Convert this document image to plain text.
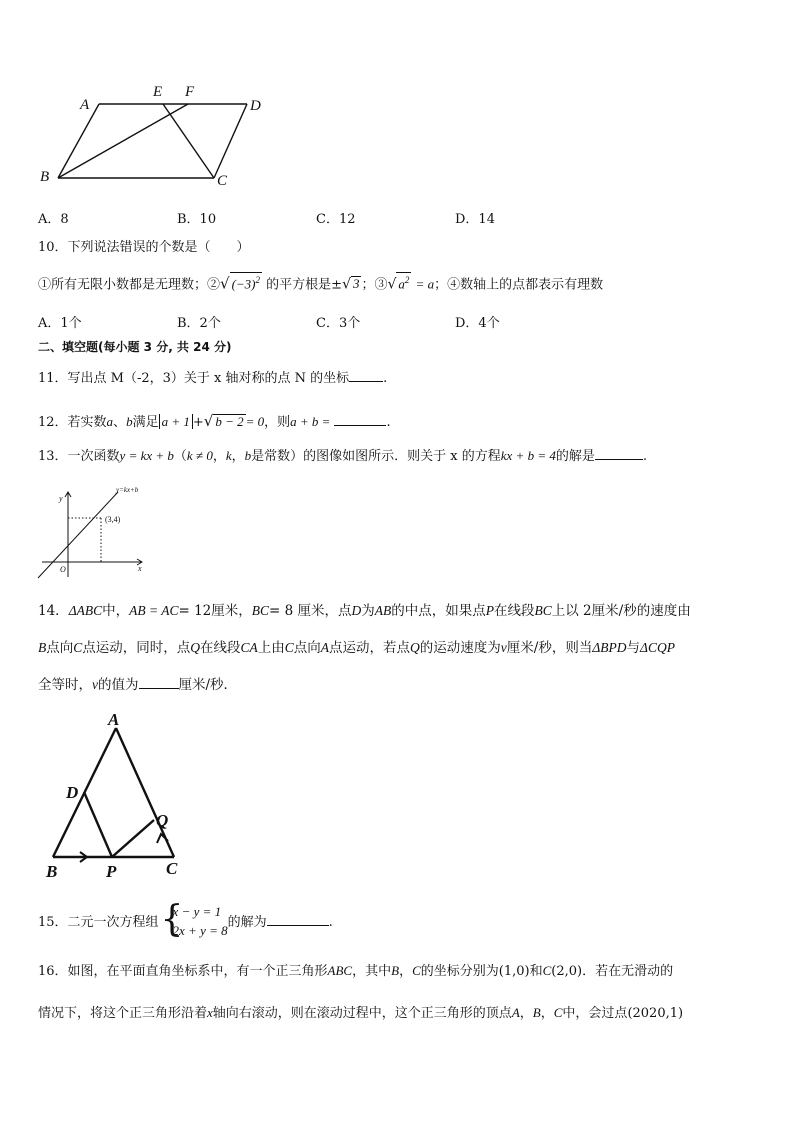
A
E F
D
B	C
A．8	B．10	C．12	D．14
10．下列说法错误的个数是（　　）
①所有无限小数都是无理数；②√ $(-3)^2$ 的平方根是±√ 3 ；③√ $a^2 = a$；④数轴上的点都表示有理数
A．1个	B．2个	C．3个	D．4个
二、填空题(每小题 3 分, 共 24 分)
11．写出点 M（-2，3）关于 x 轴对称的点 N 的坐标	.
12．若实数a、b满足 a + 1 +√ b − 2 = 0，则a + b =	.
13．一次函数y = kx + b（k ≠ 0，k，b是常数）的图像如图所示．则关于 x 的方程kx + b = 4的解是	.
y
x
O
y=kx+b
(3,4)
14．ΔABC中，AB = AC= 12厘米，BC= 8 厘米，点D为AB的中点，如果点P在线段BC上以 2厘米/秒的速度由
B点向C点运动，同时，点Q在线段CA上由C点向A点运动，若点Q的运动速度为v厘米/秒，则当ΔBPD与ΔCQP
全等时，v的值为	厘米/秒．
A
D
Q
B	P	C
15．二元一次方程组 {
x − y = 1
2x + y = 8
的解为	.
16．如图，在平面直角坐标系中，有一个正三角形ABC，其中B，C的坐标分别为(1,0)和C(2,0)．若在无滑动的
情况下，将这个正三角形沿着x轴向右滚动，则在滚动过程中，这个正三角形的顶点A，B，C中，会过点(2020,1)
